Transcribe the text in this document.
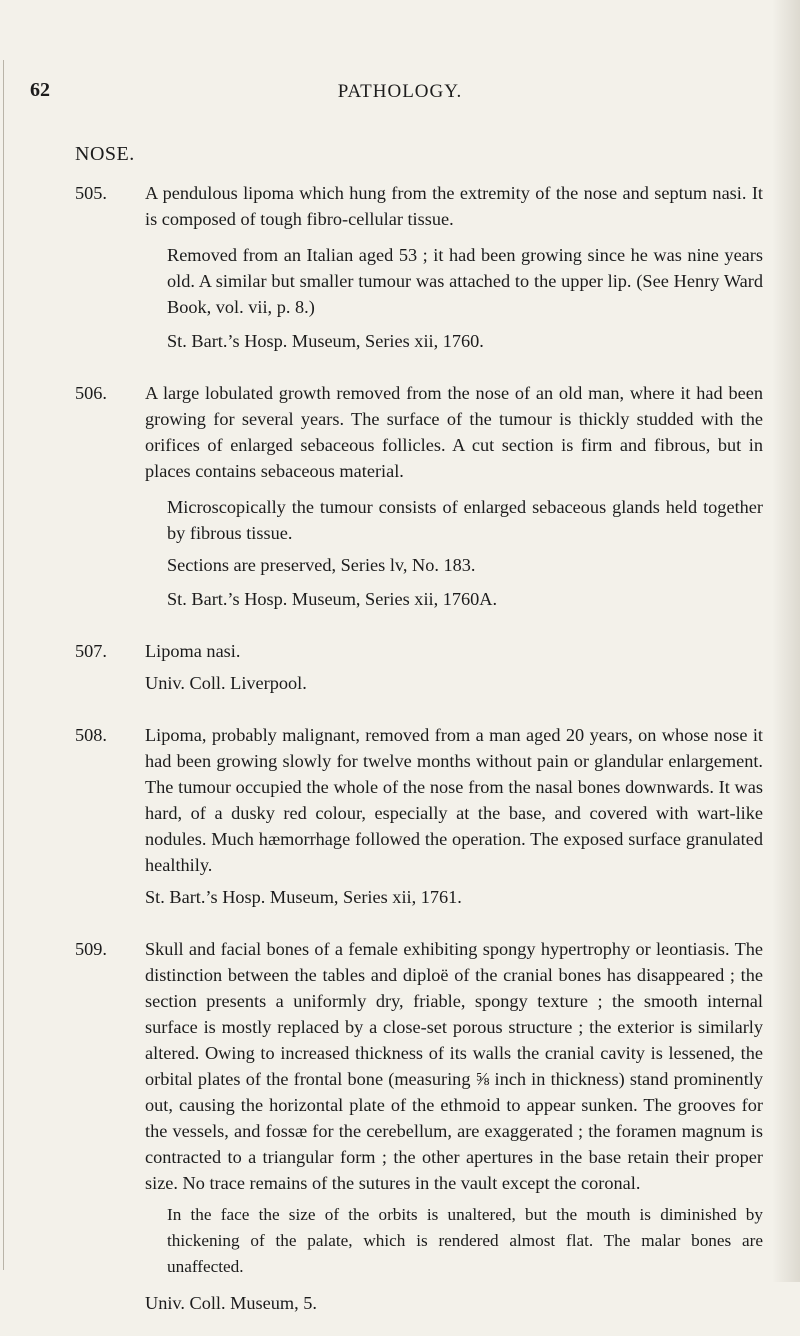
62	PATHOLOGY.
NOSE.
505.	A pendulous lipoma which hung from the extremity of the nose and septum nasi. It is composed of tough fibro-cellular tissue.

Removed from an Italian aged 53 ; it had been growing since he was nine years old. A similar but smaller tumour was attached to the upper lip. (See Henry Ward Book, vol. vii, p. 8.)

St. Bart.’s Hosp. Museum, Series xii, 1760.

506.	A large lobulated growth removed from the nose of an old man, where it had been growing for several years. The surface of the tumour is thickly studded with the orifices of enlarged sebaceous follicles. A cut section is firm and fibrous, but in places contains sebaceous material.

Microscopically the tumour consists of enlarged sebaceous glands held together by fibrous tissue.

Sections are preserved, Series lv, No. 183.

St. Bart.’s Hosp. Museum, Series xii, 1760A.

507.	Lipoma nasi.

Univ. Coll. Liverpool.

508.	Lipoma, probably malignant, removed from a man aged 20 years, on whose nose it had been growing slowly for twelve months without pain or glandular enlargement. The tumour occupied the whole of the nose from the nasal bones downwards. It was hard, of a dusky red colour, especially at the base, and covered with wart-like nodules. Much hæmorrhage followed the operation. The exposed surface granulated healthily.

St. Bart.’s Hosp. Museum, Series xii, 1761.

509.	Skull and facial bones of a female exhibiting spongy hypertrophy or leontiasis. The distinction between the tables and diploë of the cranial bones has disappeared ; the section presents a uniformly dry, friable, spongy texture ; the smooth internal surface is mostly replaced by a close-set porous structure ; the exterior is similarly altered. Owing to increased thickness of its walls the cranial cavity is lessened, the orbital plates of the frontal bone (measuring ⅝ inch in thickness) stand prominently out, causing the horizontal plate of the ethmoid to appear sunken. The grooves for the vessels, and fossæ for the cerebellum, are exaggerated ; the foramen magnum is contracted to a triangular form ; the other apertures in the base retain their proper size. No trace remains of the sutures in the vault except the coronal.

In the face the size of the orbits is unaltered, but the mouth is diminished by thickening of the palate, which is rendered almost flat. The malar bones are unaffected.

Univ. Coll. Museum, 5.
